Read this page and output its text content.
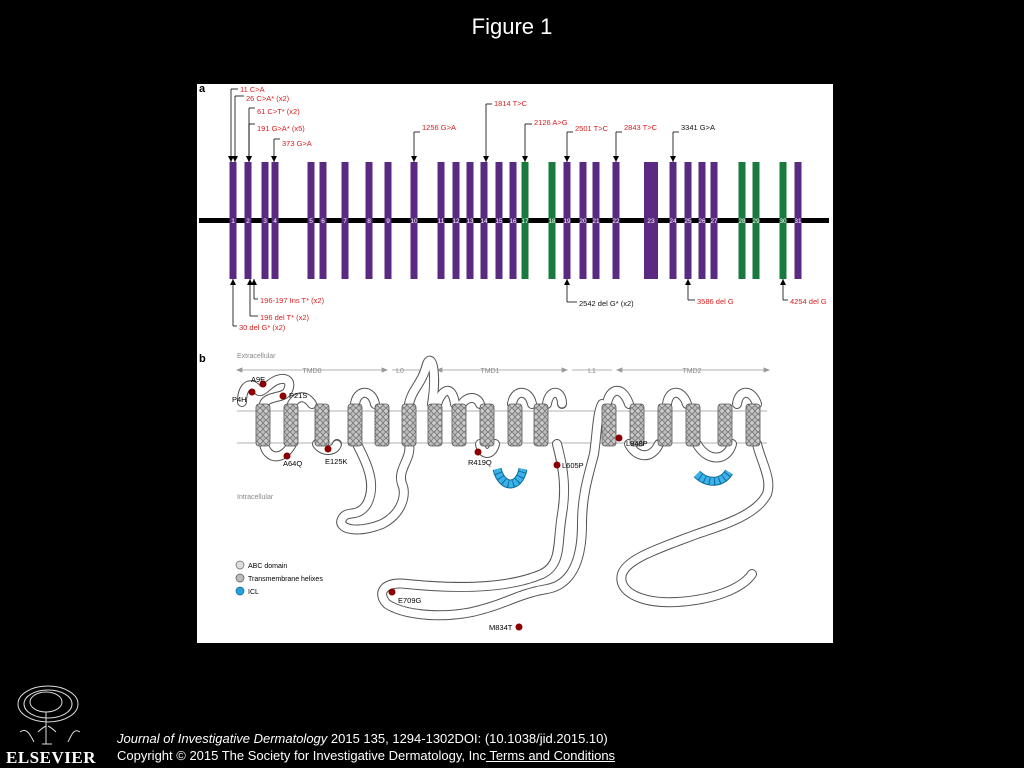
Figure 1
a
1 2 3 4	5 6	7	8 9	10	11 12 13 14 15 16 17	18 19 20 21 22	23 24 25 26 27	28 29	30 31
11 C>A
26 C>A* (x2)
61 C>T* (x2)
191 G>A* (x5)
373 G>A
1256 G>A
1814 T>C
2126 A>G
2501 T>C 2843 T>C	3341 G>A
196-197 Ins T* (x2)
196 del T* (x2)
30 del G* (x2)
2542 del G* (x2)	3586 del G	4254 del G
b	Extracellular
Intracellular
TMD0	L0	TMD1	L1	TMD2
A9E
P4H	P21S
A64Q	E125K	R419Q	L605P
L948P
E709G
M834T
ABC domain
Transmembrane helixes
ICL
ELSEVIER
Journal of Investigative Dermatology 2015 135, 1294-1302DOI: (10.1038/jid.2015.10)
Copyright © 2015 The Society for Investigative Dermatology, Inc Terms and Conditions
